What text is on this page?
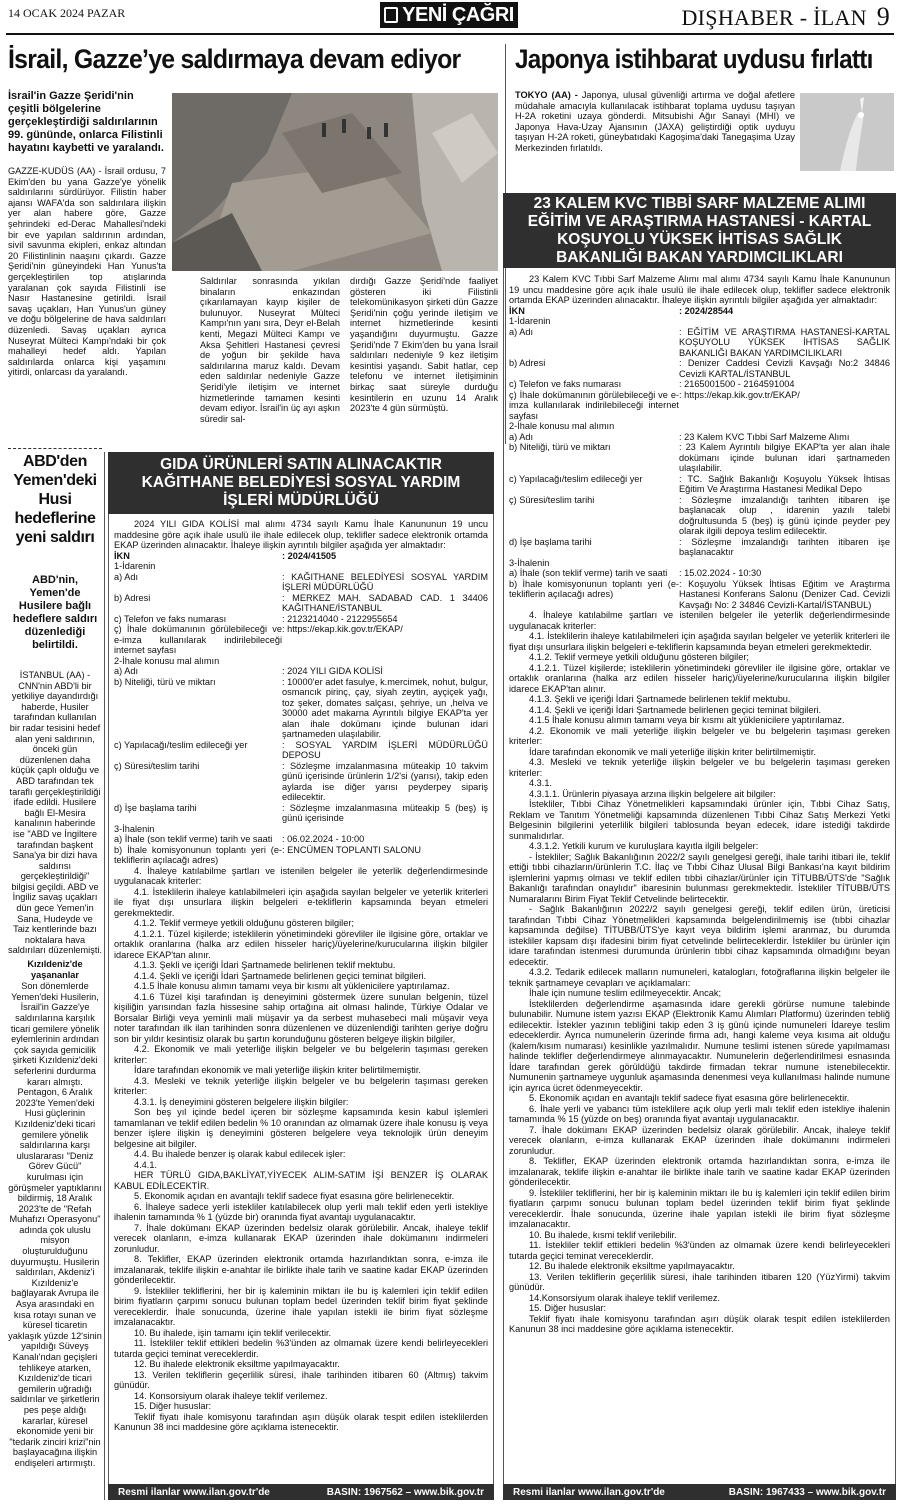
14 OCAK 2024 PAZAR	YENİ ÇAĞRI	DIŞHABER - İLAN 9
İsrail, Gazze’ye saldırmaya devam ediyor
İsrail'in Gazze Şeridi'nin çeşitli bölgelerine gerçekleştirdiği saldırılarının 99. gününde, onlarca Filistinli hayatını kaybetti ve yaralandı.
GAZZE-KUDÜS (AA) - İsrail ordusu, 7 Ekim'den bu yana Gazze'ye yönelik saldırılarını sürdürüyor. Filistin haber ajansı WAFA'da son saldırılara ilişkin yer alan habere göre, Gazze şehrindeki ed-Derac Mahallesi'ndeki bir eve yapılan saldırının ardından, sivil savunma ekipleri, enkaz altından 20 Filistinlinin naaşını çıkardı. Gazze Şeridi'nin güneyindeki Han Yunus'ta gerçekleştirilen top atışlarında yaralanan çok sayıda Filistinli ise Nasır Hastanesine getirildi. İsrail savaş uçakları, Han Yunus'un güney ve doğu bölgelerine de hava saldırıları düzenledi. Savaş uçakları ayrıca Nuseyrat Mülteci Kampı'ndaki bir çok mahalleyi hedef aldı. Yapılan saldırılarda onlarca kişi yaşamını yitirdi, onlarcası da yaralandı.
Saldırılar sonrasında yıkılan binaların enkazından çıkarılamayan kayıp kişiler de bulunuyor. Nuseyrat Mülteci Kampı'nın yanı sıra, Deyr el-Belah kenti, Megazi Mülteci Kampı ve Aksa Şehitleri Hastanesi çevresi de yoğun bir şekilde hava saldırılarına maruz kaldı. Devam eden saldırılar nedeniyle Gazze Şeridi'yle iletişim ve internet hizmetlerinde tamamen kesinti devam ediyor. İsrail'in üç ayı aşkın süredir sal-
dırdığı Gazze Şeridi'nde faaliyet gösteren iki Filistinli telekomünikasyon şirketi dün Gazze Şeridi'nin çoğu yerinde iletişim ve internet hizmetlerinde kesinti yaşandığını duyurmuştu. Gazze Şeridi'nde 7 Ekim'den bu yana İsrail saldırıları nedeniyle 9 kez iletişim kesintisi yaşandı. Sabit hatlar, cep telefonu ve internet iletişiminin birkaç saat süreyle durduğu kesintilerin en uzunu 14 Aralık 2023'te 4 gün sürmüştü.
Japonya istihbarat uydusu fırlattı
TOKYO (AA) - Japonya, ulusal güvenliği artırma ve doğal afetlere müdahale amacıyla kullanılacak istihbarat toplama uydusu taşıyan H-2A roketini uzaya gönderdi. Mitsubishi Ağır Sanayi (MHI) ve Japonya Hava-Uzay Ajansının (JAXA) geliştirdiği optik uyduyu taşıyan H-2A roketi, güneybatıdaki Kagoşima'daki Tanegaşima Uzay Merkezinden fırlatıldı.
23 KALEM KVC TIBBİ SARF MALZEME ALIMI
EĞİTİM VE ARAŞTIRMA HASTANESİ - KARTAL
KOŞUYOLU YÜKSEK İHTİSAS SAĞLIK
BAKANLIĞI BAKAN YARDIMCILIKLARI

23 Kalem KVC Tıbbi Sarf Malzeme Alımı mal alımı 4734 sayılı Kamu İhale Kanununun 19 uncu maddesine göre açık ihale usulü ile ihale edilecek olup, teklifler sadece elektronik ortamda EKAP üzerinden alınacaktır. İhaleye ilişkin ayrıntılı bilgiler aşağıda yer almaktadır:

İKN	: 2024/28544

1-İdarenin

a) Adı	: EĞİTİM VE ARAŞTIRMA HASTANESİ-KARTAL KOŞUYOLU YÜKSEK İHTİSAS SAĞLIK BAKANLIĞI BAKAN YARDIMCILIKLARI
b) Adresi	: Denizer Caddesi Cevizli Kavşağı No:2 34846 Cevizli KARTAL/İSTANBUL
c) Telefon ve faks numarası	: 2165001500 - 2164591004
ç) İhale dokümanının görülebileceği ve e-imza kullanılarak indirilebileceği internet sayfası
: https://ekap.kik.gov.tr/EKAP/

2-İhale konusu mal alımın

a) Adı	: 23 Kalem KVC Tıbbi Sarf Malzeme Alımı
b) Niteliği, türü ve miktarı	: 23 Kalem Ayrıntılı bilgiye EKAP'ta yer alan ihale dokümanı içinde bulunan idari şartnameden ulaşılabilir.
c) Yapılacağı/teslim edileceği yer	: TC. Sağlık Bakanlığı Koşuyolu Yüksek İhtisas Eğitim Ve Araştırma Hastanesi Medikal Depo
ç) Süresi/teslim tarihi	: Sözleşme imzalandığı tarihten itibaren işe başlanacak olup , idarenin yazılı talebi doğrultusunda 5 (beş) iş günü içinde peyder pey olarak ilgili depoya teslim edilecektir.
d) İşe başlama tarihi	: Sözleşme imzalandığı tarihten itibaren işe başlanacaktır

3-İhalenin

a) İhale (son teklif verme) tarih ve saati	: 15.02.2024 - 10:30
b) İhale komisyonunun toplantı yeri (e-tekliflerin açılacağı adres)
: Koşuyolu Yüksek İhtisas Eğitim ve Araştırma Hastanesi Konferans Salonu (Denizer Cad. Cevizli Kavşağı No: 2 34846 Cevizli-Kartal/İSTANBUL)

4. İhaleye katılabilme şartları ve istenilen belgeler ile yeterlik değerlendirmesinde uygulanacak kriterler:

4.1. İsteklilerin ihaleye katılabilmeleri için aşağıda sayılan belgeler ve yeterlik kriterleri ile fiyat dışı unsurlara ilişkin belgeleri e-tekliflerin kapsamında beyan etmeleri gerekmektedir.

4.1.2. Teklif vermeye yetkili olduğunu gösteren bilgiler;

4.1.2.1. Tüzel kişilerde; isteklilerin yönetimindeki görevliler ile ilgisine göre, ortaklar ve ortaklık oranlarına (halka arz edilen hisseler hariç)/üyelerine/kurucularına ilişkin bilgiler idarece EKAP'tan alınır.

4.1.3. Şekli ve içeriği İdari Şartnamede belirlenen teklif mektubu.

4.1.4. Şekli ve içeriği İdari Şartnamede belirlenen geçici teminat bilgileri.

4.1.5 İhale konusu alımın tamamı veya bir kısmı alt yüklenicilere yaptırılamaz.

4.2. Ekonomik ve mali yeterliğe ilişkin belgeler ve bu belgelerin taşıması gereken kriterler:

İdare tarafından ekonomik ve mali yeterliğe ilişkin kriter belirtilmemiştir.

4.3. Mesleki ve teknik yeterliğe ilişkin belgeler ve bu belgelerin taşıması gereken kriterler:

4.3.1.

4.3.1.1. Ürünlerin piyasaya arzına ilişkin belgelere ait bilgiler:

İstekliler, Tıbbi Cihaz Yönetmelikleri kapsamındaki ürünler için, Tıbbi Cihaz Satış, Reklam ve Tanıtım Yönetmeliği kapsamında düzenlenen Tıbbi Cihaz Satış Merkezi Yetki Belgesinin bilgilerini yeterlilik bilgileri tablosunda beyan edecek, idare istediği takdirde sunmalıdırlar.

4.3.1.2. Yetkili kurum ve kuruluşlara kayıtla ilgili belgeler:

- İstekliler; Sağlık Bakanlığının 2022/2 sayılı genelgesi gereği, ihale tarihi itibari ile, teklif ettiği tıbbi cihazların/ürünlerin T.C. İlaç ve Tıbbi Cihaz Ulusal Bilgi Bankası'na kayıt bildirim işlemlerini yapmış olması ve teklif edilen tıbbi cihazlar/ürünler için TİTUBB/ÜTS'de "Sağlık Bakanlığı tarafından onaylıdır" ibaresinin bulunması gerekmektedir. İstekliler TİTUBB/ÜTS Numaralarını Birim Fiyat Teklif Cetvelinde belirtecektir.

- Sağlık Bakanlığının 2022/2 sayılı genelgesi gereği, teklif edilen ürün, üreticisi tarafından Tıbbi Cihaz Yönetmelikleri kapsamında belgelendirilmemiş ise (tıbbi cihazlar kapsamında değilse) TİTUBB/ÜTS'ye kayıt veya bildirim işlemi aranmaz, bu durumda istekliler kapsam dışı ifadesini birim fiyat cetvelinde belirteceklerdir. İstekliler bu ürünler için idare tarafından istenmesi durumunda ürünlerin tıbbi cihaz kapsamında olmadığını beyan edecektir.

4.3.2. Tedarik edilecek malların numuneleri, katalogları, fotoğraflarına ilişkin belgeler ile teknik şartnameye cevapları ve açıklamaları:

İhale için numune teslim edilmeyecektir. Ancak;

İsteklilerden değerlendirme aşamasında idare gerekli görürse numune talebinde bulunabilir. Numune istem yazısı EKAP (Elektronik Kamu Alımları Platformu) üzerinden tebliğ edilecektir. İstekler yazının tebliğini takip eden 3 iş günü içinde numuneleri İdareye teslim edeceklerdir. Ayrıca numunelerin üzerinde firma adı, hangi kaleme veya kısıma ait olduğu (kalem/kısım numarası) kesinlikle yazılmalıdır. Numune teslimi istenen sürede yapılmaması halinde teklifler değerlendirmeye alınmayacaktır. Numunelerin değerlendirilmesi esnasında İdare tarafından gerek görüldüğü takdirde firmadan tekrar numune istenebilecektir. Numunenin şartnameye uygunluk aşamasında denenmesi veya kullanılması halinde numune için ayrıca ücret ödenmeyecektir.

5. Ekonomik açıdan en avantajlı teklif sadece fiyat esasına göre belirlenecektir.

6. İhale yerli ve yabancı tüm isteklilere açık olup yerli malı teklif eden istekliye ihalenin tamamında % 15 (yüzde on beş) oranında fiyat avantajı uygulanacaktır.

7. İhale dokümanı EKAP üzerinden bedelsiz olarak görülebilir. Ancak, ihaleye teklif verecek olanların, e-imza kullanarak EKAP üzerinden ihale dokümanını indirmeleri zorunludur.

8. Teklifler, EKAP üzerinden elektronik ortamda hazırlandıktan sonra, e-imza ile imzalanarak, teklife ilişkin e-anahtar ile birlikte ihale tarih ve saatine kadar EKAP üzerinden gönderilecektir.

9. İstekliler tekliflerini, her bir iş kaleminin miktarı ile bu iş kalemleri için teklif edilen birim fiyatların çarpımı sonucu bulunan toplam bedel üzerinden teklif birim fiyat şeklinde vereceklerdir. İhale sonucunda, üzerine ihale yapılan istekli ile birim fiyat sözleşme imzalanacaktır.

10. Bu ihalede, kısmi teklif verilebilir.

11. İstekliler teklif ettikleri bedelin %3'ünden az olmamak üzere kendi belirleyecekleri tutarda geçici teminat vereceklerdir.

12. Bu ihalede elektronik eksiltme yapılmayacaktır.

13. Verilen tekliflerin geçerlilik süresi, ihale tarihinden itibaren 120 (YüzYirmi) takvim günüdür.

14.Konsorsiyum olarak ihaleye teklif verilemez.

15. Diğer hususlar:

Teklif fiyatı ihale komisyonu tarafından aşırı düşük olarak tespit edilen isteklilerden Kanunun 38 inci maddesine göre açıklama istenecektir.

Resmi ilanlar www.ilan.gov.tr'de	BASIN: 1967433 – www.bik.gov.tr
ABD'den Yemen'deki Husi hedeflerine yeni saldırı
ABD'nin, Yemen'de Husilere bağlı hedeflere saldırı düzenlediği belirtildi.

İSTANBUL (AA) - CNN'nin ABD'li bir yetkiliye dayandırdığı haberde, Husiler tarafından kullanılan bir radar tesisini hedef alan yeni saldırının, önceki gün düzenlenen daha küçük çaplı olduğu ve ABD tarafından tek taraflı gerçekleştirildiği ifade edildi. Husilere bağlı El-Mesira kanalının haberinde ise "ABD ve İngiltere tarafından başkent Sana'ya bir dizi hava saldırısı gerçekleştirildiği" bilgisi geçildi. ABD ve İngiliz savaş uçakları dün gece Yemen'in Sana, Hudeyde ve Taiz kentlerinde bazı noktalara hava saldırıları düzenlemişti.

Kızıldeniz'de yaşananlar

Son dönemlerde Yemen'deki Husilerin, İsrail'in Gazze'ye saldırılarına karşılık ticari gemilere yönelik eylemlerinin ardından çok sayıda gemicilik şirketi Kızıldeniz'deki seferlerini durdurma kararı almıştı. Pentagon, 6 Aralık 2023'te Yemen'deki Husi güçlerinin Kızıldeniz'deki ticari gemilere yönelik saldırılarına karşı uluslararası "Deniz Görev Gücü" kurulması için görüşmeler yaptıklarını bildirmiş, 18 Aralık 2023'te de "Refah Muhafızı Operasyonu" adında çok uluslu misyon oluşturulduğunu duyurmuştu. Husilerin saldırıları, Akdeniz'i Kızıldeniz'e bağlayarak Avrupa ile Asya arasındaki en kısa rotayı sunan ve küresel ticaretin yaklaşık yüzde 12'sinin yapıldığı Süveyş Kanalı'ndan geçişleri tehlikeye atarken, Kızıldeniz'de ticari gemilerin uğradığı saldırılar ve şirketlerin pes peşe aldığı kararlar, küresel ekonomide yeni bir "tedarik zinciri krizi"nin başlayacağına ilişkin endişeleri artırmıştı.

GIDA ÜRÜNLERİ SATIN ALINACAKTIR
KAĞITHANE BELEDİYESİ SOSYAL YARDIM
İŞLERİ MÜDÜRLÜĞÜ

2024 YILI GIDA KOLİSİ mal alımı 4734 sayılı Kamu İhale Kanununun 19 uncu maddesine göre açık ihale usulü ile ihale edilecek olup, teklifler sadece elektronik ortamda EKAP üzerinden alınacaktır. İhaleye ilişkin ayrıntılı bilgiler aşağıda yer almaktadır:

İKN	: 2024/41505

1-İdarenin

a) Adı	: KAĞITHANE BELEDİYESİ SOSYAL YARDIM İŞLERİ MÜDÜRLÜĞÜ
b) Adresi	: MERKEZ MAH. SADABAD CAD. 1 34406 KAĞITHANE/İSTANBUL
c) Telefon ve faks numarası	: 2123214040 - 2122955654
ç) İhale dokümanının görülebileceği ve e-imza kullanılarak indirilebileceği internet sayfası
: https://ekap.kik.gov.tr/EKAP/

2-İhale konusu mal alımın

a) Adı	: 2024 YILI GIDA KOLİSİ
b) Niteliği, türü ve miktarı	: 10000'er adet fasulye, k.mercimek, nohut, bulgur, osmancık pirinç, çay, siyah zeytin, ayçiçek yağı, toz şeker, domates salçası, şehriye, un ,helva ve 30000 adet makarna Ayrıntılı bilgiye EKAP'ta yer alan ihale dokümanı içinde bulunan idari şartnameden ulaşılabilir.
c) Yapılacağı/teslim edileceği yer	: SOSYAL YARDIM İŞLERİ MÜDÜRLÜĞÜ DEPOSU
ç) Süresi/teslim tarihi	: Sözleşme imzalanmasına müteakip 10 takvim günü içerisinde ürünlerin 1/2'si (yarısı), takip eden aylarda ise diğer yarısı peyderpey sipariş edilecektir.
d) İşe başlama tarihi	: Sözleşme imzalanmasına müteakip 5 (beş) iş günü içerisinde

3-İhalenin

a) İhale (son teklif verme) tarih ve saati	: 06.02.2024 - 10:00
b) İhale komisyonunun toplantı yeri (e-tekliflerin açılacağı adres)
: ENCÜMEN TOPLANTI SALONU

4. İhaleye katılabilme şartları ve istenilen belgeler ile yeterlik değerlendirmesinde uygulanacak kriterler:

4.1. İsteklilerin ihaleye katılabilmeleri için aşağıda sayılan belgeler ve yeterlik kriterleri ile fiyat dışı unsurlara ilişkin belgeleri e-tekliflerin kapsamında beyan etmeleri gerekmektedir.

4.1.2. Teklif vermeye yetkili olduğunu gösteren bilgiler;

4.1.2.1. Tüzel kişilerde; isteklilerin yönetimindeki görevliler ile ilgisine göre, ortaklar ve ortaklık oranlarına (halka arz edilen hisseler hariç)/üyelerine/kurucularına ilişkin bilgiler idarece EKAP'tan alınır.

4.1.3. Şekli ve içeriği İdari Şartnamede belirlenen teklif mektubu.

4.1.4. Şekli ve içeriği İdari Şartnamede belirlenen geçici teminat bilgileri.

4.1.5 İhale konusu alımın tamamı veya bir kısmı alt yüklenicilere yaptırılamaz.

4.1.6 Tüzel kişi tarafından iş deneyimini göstermek üzere sunulan belgenin, tüzel kişiliğin yarısından fazla hissesine sahip ortağına ait olması halinde, Türkiye Odalar ve Borsalar Birliği veya yeminli mali müşavir ya da serbest muhasebeci mali müşavir veya noter tarafından ilk ilan tarihinden sonra düzenlenen ve düzenlendiği tarihten geriye doğru son bir yıldır kesintisiz olarak bu şartın korunduğunu gösteren belgeye ilişkin bilgiler,

4.2. Ekonomik ve mali yeterliğe ilişkin belgeler ve bu belgelerin taşıması gereken kriterler:

İdare tarafından ekonomik ve mali yeterliğe ilişkin kriter belirtilmemiştir.

4.3. Mesleki ve teknik yeterliğe ilişkin belgeler ve bu belgelerin taşıması gereken kriterler:

4.3.1. İş deneyimini gösteren belgelere ilişkin bilgiler:

Son beş yıl içinde bedel içeren bir sözleşme kapsamında kesin kabul işlemleri tamamlanan ve teklif edilen bedelin % 10 oranından az olmamak üzere ihale konusu iş veya benzer işlere ilişkin iş deneyimini gösteren belgelere veya teknolojik ürün deneyim belgesine ait bilgiler.

4.4. Bu ihalede benzer iş olarak kabul edilecek işler:

4.4.1.

HER TÜRLÜ GIDA,BAKLİYAT,YİYECEK ALIM-SATIM İŞİ BENZER İŞ OLARAK KABUL EDİLECEKTİR.

5. Ekonomik açıdan en avantajlı teklif sadece fiyat esasına göre belirlenecektir.

6. İhaleye sadece yerli istekliler katılabilecek olup yerli malı teklif eden yerli istekliye ihalenin tamamında % 1 (yüzde bir) oranında fiyat avantajı uygulanacaktır.

7. İhale dokümanı EKAP üzerinden bedelsiz olarak görülebilir. Ancak, ihaleye teklif verecek olanların, e-imza kullanarak EKAP üzerinden ihale dokümanını indirmeleri zorunludur.

8. Teklifler, EKAP üzerinden elektronik ortamda hazırlandıktan sonra, e-imza ile imzalanarak, teklife ilişkin e-anahtar ile birlikte ihale tarih ve saatine kadar EKAP üzerinden gönderilecektir.

9. İstekliler tekliflerini, her bir iş kaleminin miktarı ile bu iş kalemleri için teklif edilen birim fiyatların çarpımı sonucu bulunan toplam bedel üzerinden teklif birim fiyat şeklinde vereceklerdir. İhale sonucunda, üzerine ihale yapılan istekli ile birim fiyat sözleşme imzalanacaktır.

10. Bu ihalede, işin tamamı için teklif verilecektir.

11. İstekliler teklif ettikleri bedelin %3'ünden az olmamak üzere kendi belirleyecekleri tutarda geçici teminat vereceklerdir.

12. Bu ihalede elektronik eksiltme yapılmayacaktır.

13. Verilen tekliflerin geçerlilik süresi, ihale tarihinden itibaren 60 (Altmış) takvim günüdür.

14. Konsorsiyum olarak ihaleye teklif verilemez.

15. Diğer hususlar:

Teklif fiyatı ihale komisyonu tarafından aşırı düşük olarak tespit edilen isteklilerden Kanunun 38 inci maddesine göre açıklama istenecektir.

Resmi ilanlar www.ilan.gov.tr'de	BASIN: 1967562 – www.bik.gov.tr
